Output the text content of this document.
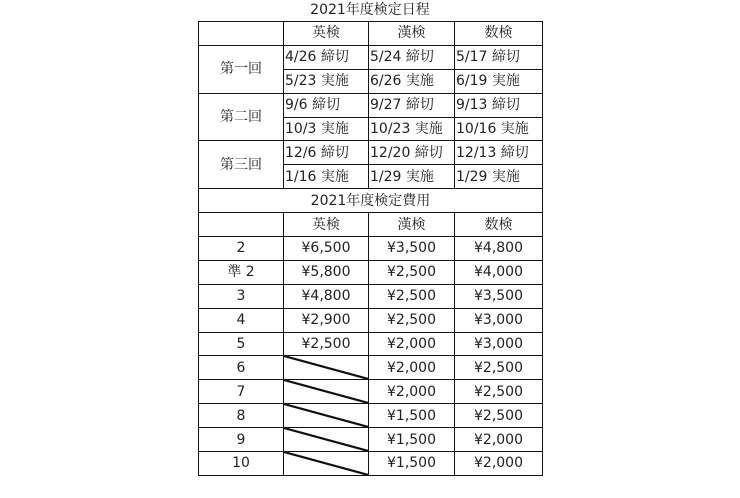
2021年度検定日程
	英検	漢検	数検
第一回	4/26 締切	5/24 締切	5/17 締切
	5/23 実施	6/26 実施	6/19 実施
第二回	9/6 締切	9/27 締切	9/13 締切
	10/3 実施	10/23 実施	10/16 実施
第三回	12/6 締切	12/20 締切	12/13 締切
	1/16 実施	1/29 実施	1/29 実施
2021年度検定費用			
	英検	漢検	数検
2	¥6,500	¥3,500	¥4,800
準 2	¥5,800	¥2,500	¥4,000
3	¥4,800	¥2,500	¥3,500
4	¥2,900	¥2,500	¥3,000
5	¥2,500	¥2,000	¥3,000
6		¥2,000	¥2,500
7		¥2,000	¥2,500
8		¥1,500	¥2,500
9		¥1,500	¥2,000
10		¥1,500	¥2,000
